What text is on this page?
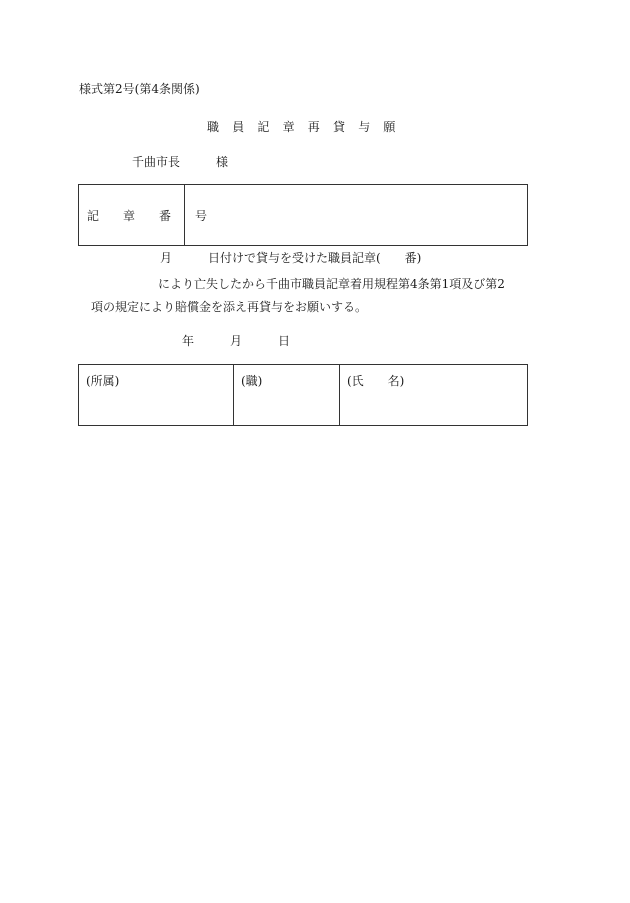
様式第2号(第4条関係)
職　員　記　章　再　貸　与　願
千曲市長　　　様
記　　章　　番　　号
月　　　日付けで貸与を受けた職員記章(　　番)
により亡失したから千曲市職員記章着用規程第4条第1項及び第2
項の規定により賠償金を添え再貸与をお願いする。
年　　　月　　　日
(所属)	(職)	(氏　　名)
